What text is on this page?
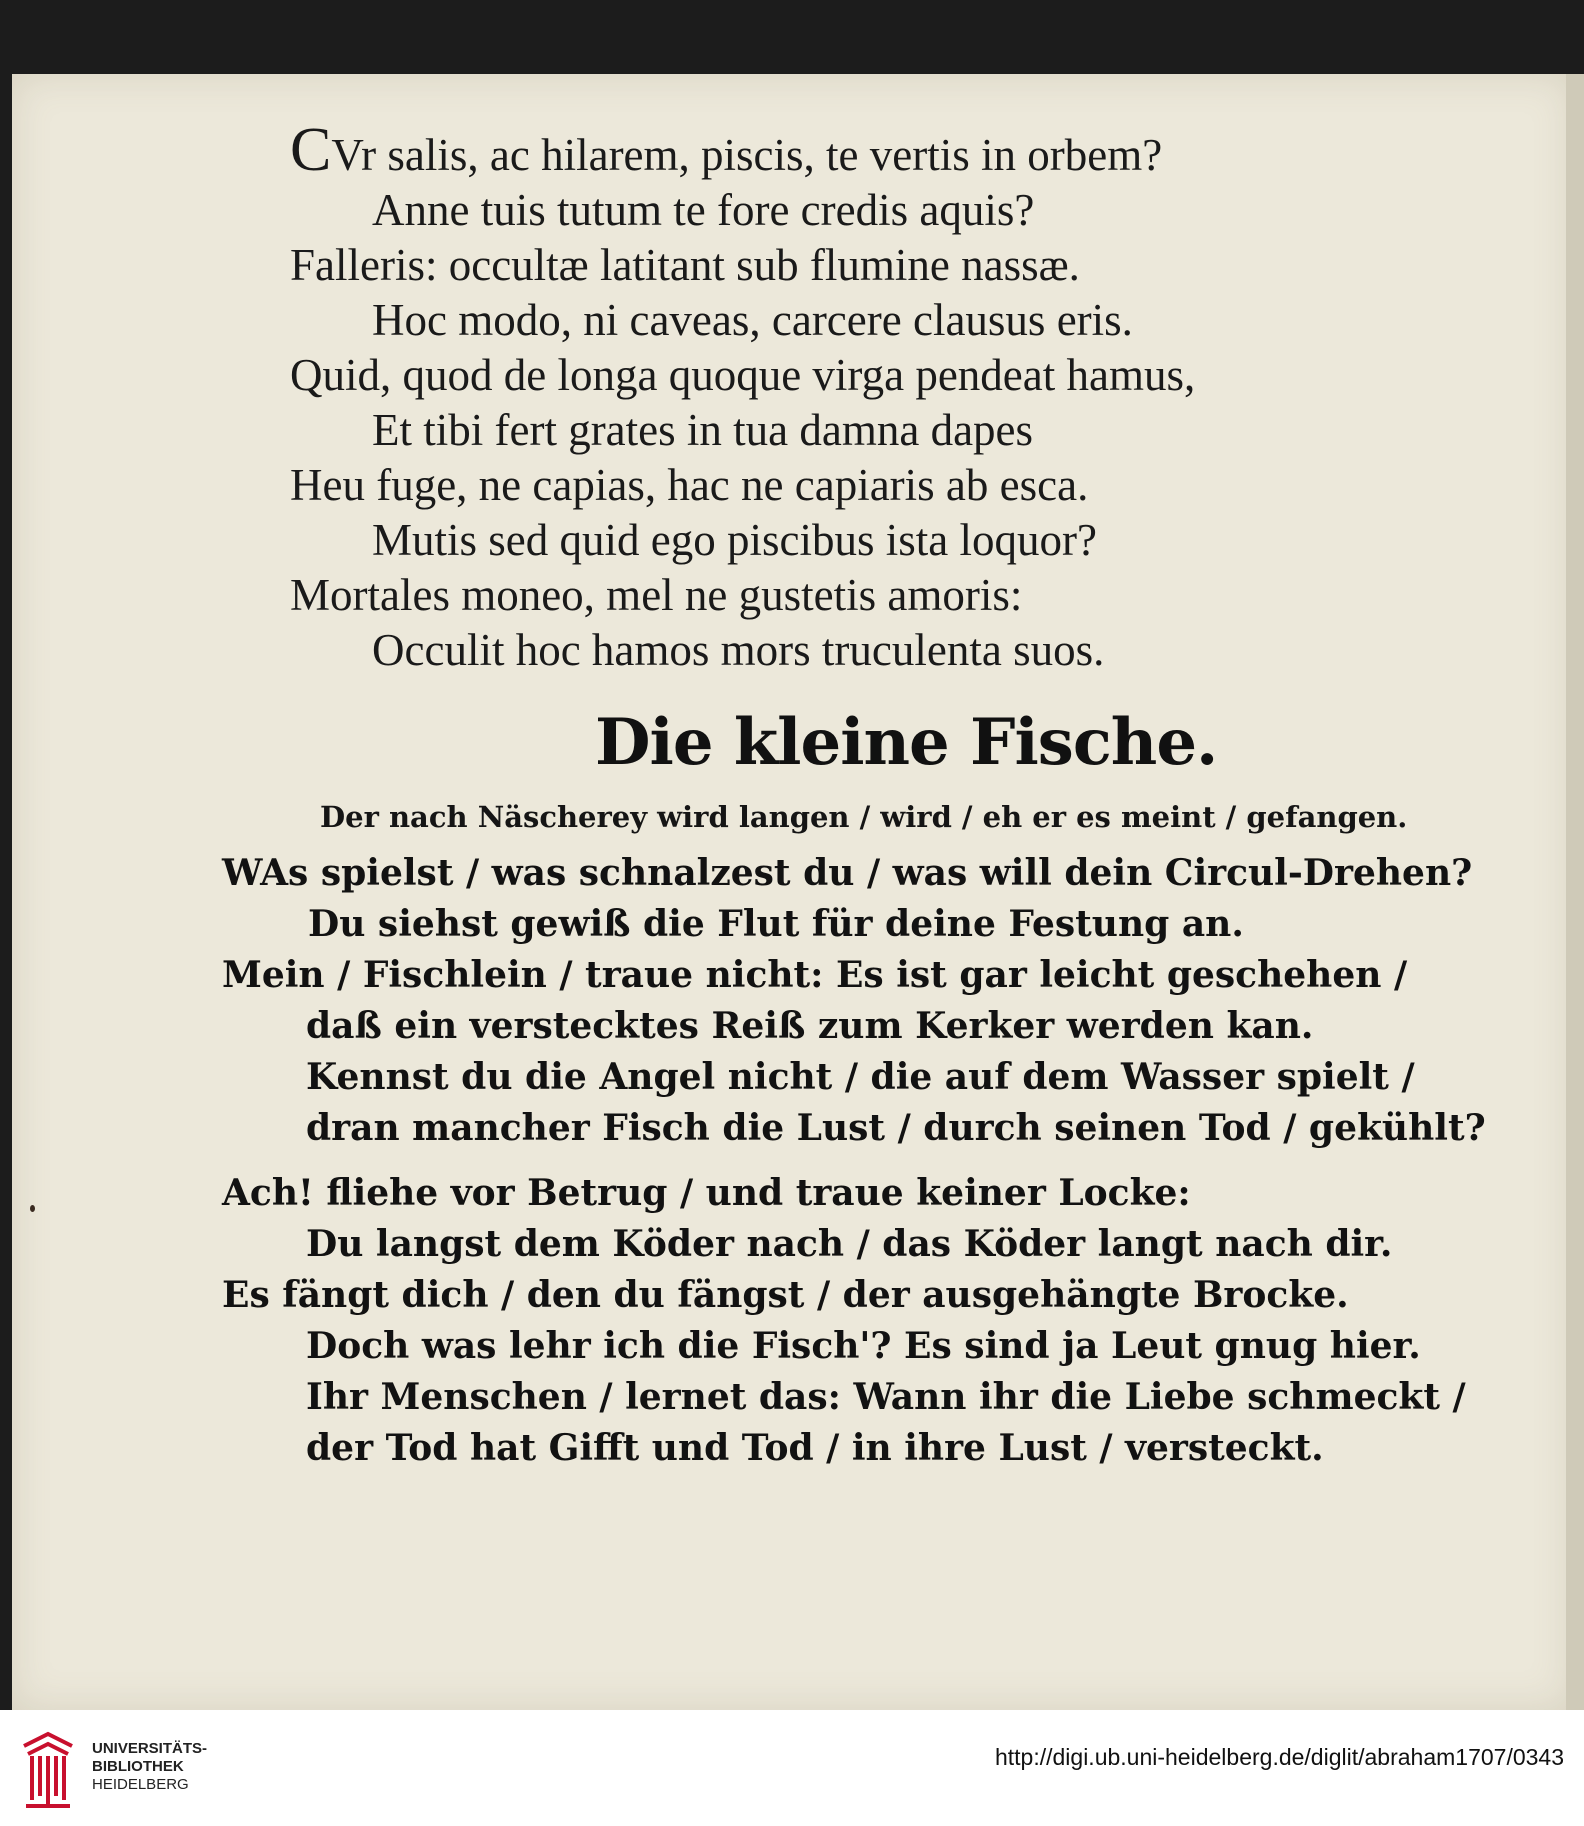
CVr salis, ac hilarem, piscis, te vertis in orbem?
Anne tuis tutum te fore credis aquis?
Falleris: occultæ latitant sub flumine nassæ.
Hoc modo, ni caveas, carcere clausus eris.
Quid, quod de longa quoque virga pendeat hamus,
Et tibi fert grates in tua damna dapes
Heu fuge, ne capias, hac ne capiaris ab esca.
Mutis sed quid ego piscibus ista loquor?
Mortales moneo, mel ne gustetis amoris:
Occulit hoc hamos mors truculenta suos.
Die kleine Fische.
Der nach Näscherey wird langen / wird / eh er es meint / gefangen.
WAs spielst / was schnalzest du / was will dein Circul-Drehen?
Du siehst gewiß die Flut für deine Festung an.
Mein / Fischlein / traue nicht: Es ist gar leicht geschehen /
daß ein verstecktes Reiß zum Kerker werden kan.
Kennst du die Angel nicht / die auf dem Wasser spielt /
dran mancher Fisch die Lust / durch seinen Tod / gekühlt?
Ach! fliehe vor Betrug / und traue keiner Locke:
Du langst dem Köder nach / das Köder langt nach dir.
Es fängt dich / den du fängst / der ausgehängte Brocke.
Doch was lehr ich die Fisch'? Es sind ja Leut gnug hier.
Ihr Menschen / lernet das: Wann ihr die Liebe schmeckt /
der Tod hat Gifft und Tod / in ihre Lust / versteckt.
UNIVERSITÄTS-
BIBLIOTHEK
HEIDELBERG
http://digi.ub.uni-heidelberg.de/diglit/abraham1707/0343
